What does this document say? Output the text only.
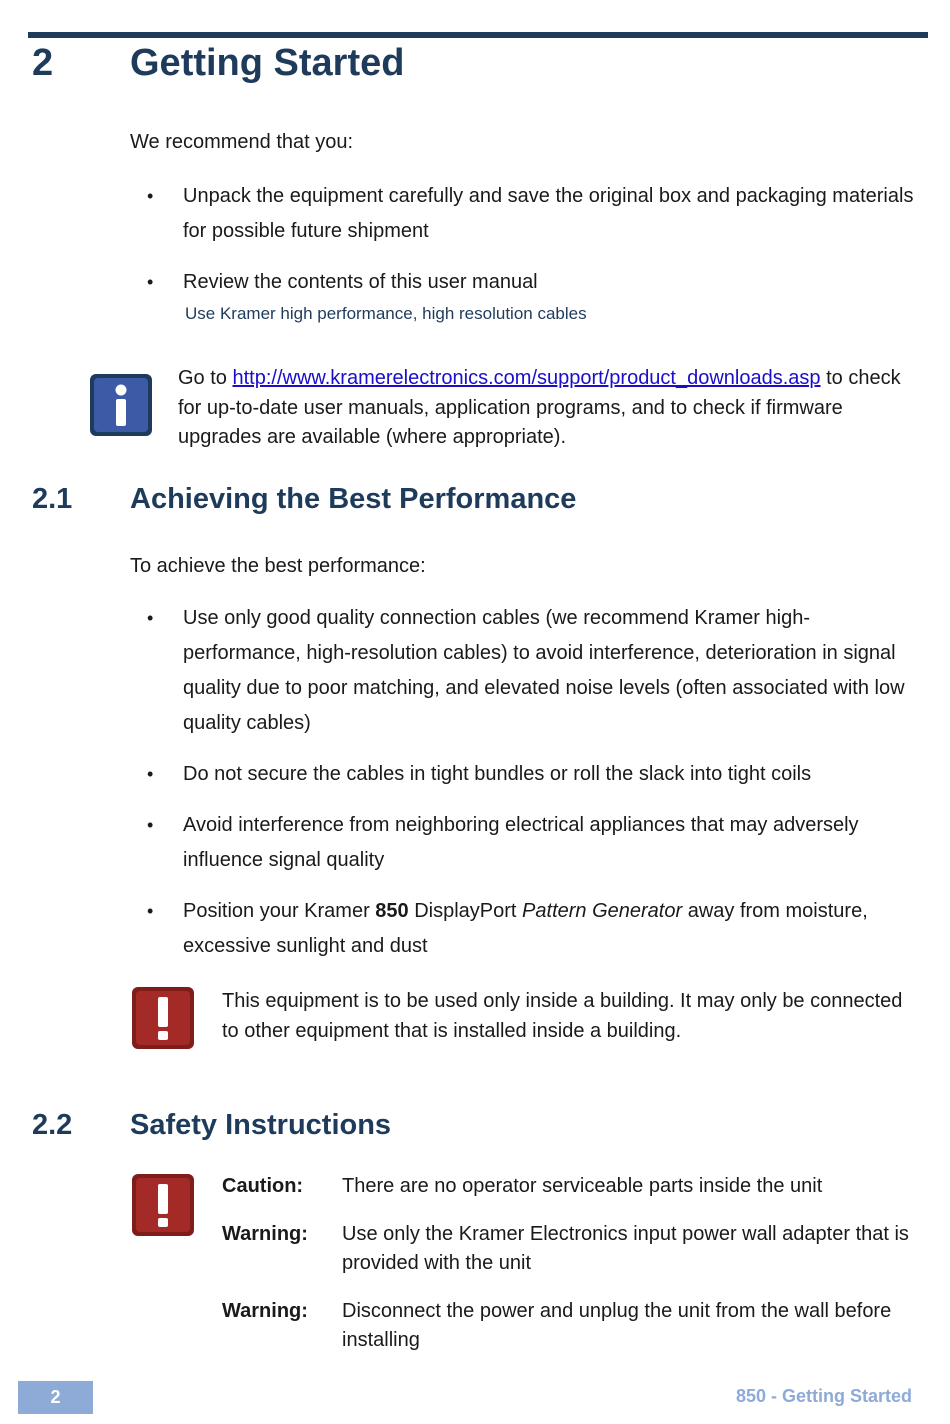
2 Getting Started
We recommend that you:
• Unpack the equipment carefully and save the original box and packaging materials for possible future shipment
• Review the contents of this user manual
Use Kramer high performance, high resolution cables
Go to http://www.kramerelectronics.com/support/product_downloads.asp to check for up-to-date user manuals, application programs, and to check if firmware upgrades are available (where appropriate).
2.1 Achieving the Best Performance
To achieve the best performance:
• Use only good quality connection cables (we recommend Kramer high-performance, high-resolution cables) to avoid interference, deterioration in signal quality due to poor matching, and elevated noise levels (often associated with low quality cables)
• Do not secure the cables in tight bundles or roll the slack into tight coils
• Avoid interference from neighboring electrical appliances that may adversely influence signal quality
• Position your Kramer 850 DisplayPort Pattern Generator away from moisture, excessive sunlight and dust
This equipment is to be used only inside a building. It may only be connected to other equipment that is installed inside a building.
2.2 Safety Instructions
Caution:	There are no operator serviceable parts inside the unit
Warning:	Use only the Kramer Electronics input power wall adapter that is provided with the unit
Warning:	Disconnect the power and unplug the unit from the wall before installing
2	850 - Getting Started
